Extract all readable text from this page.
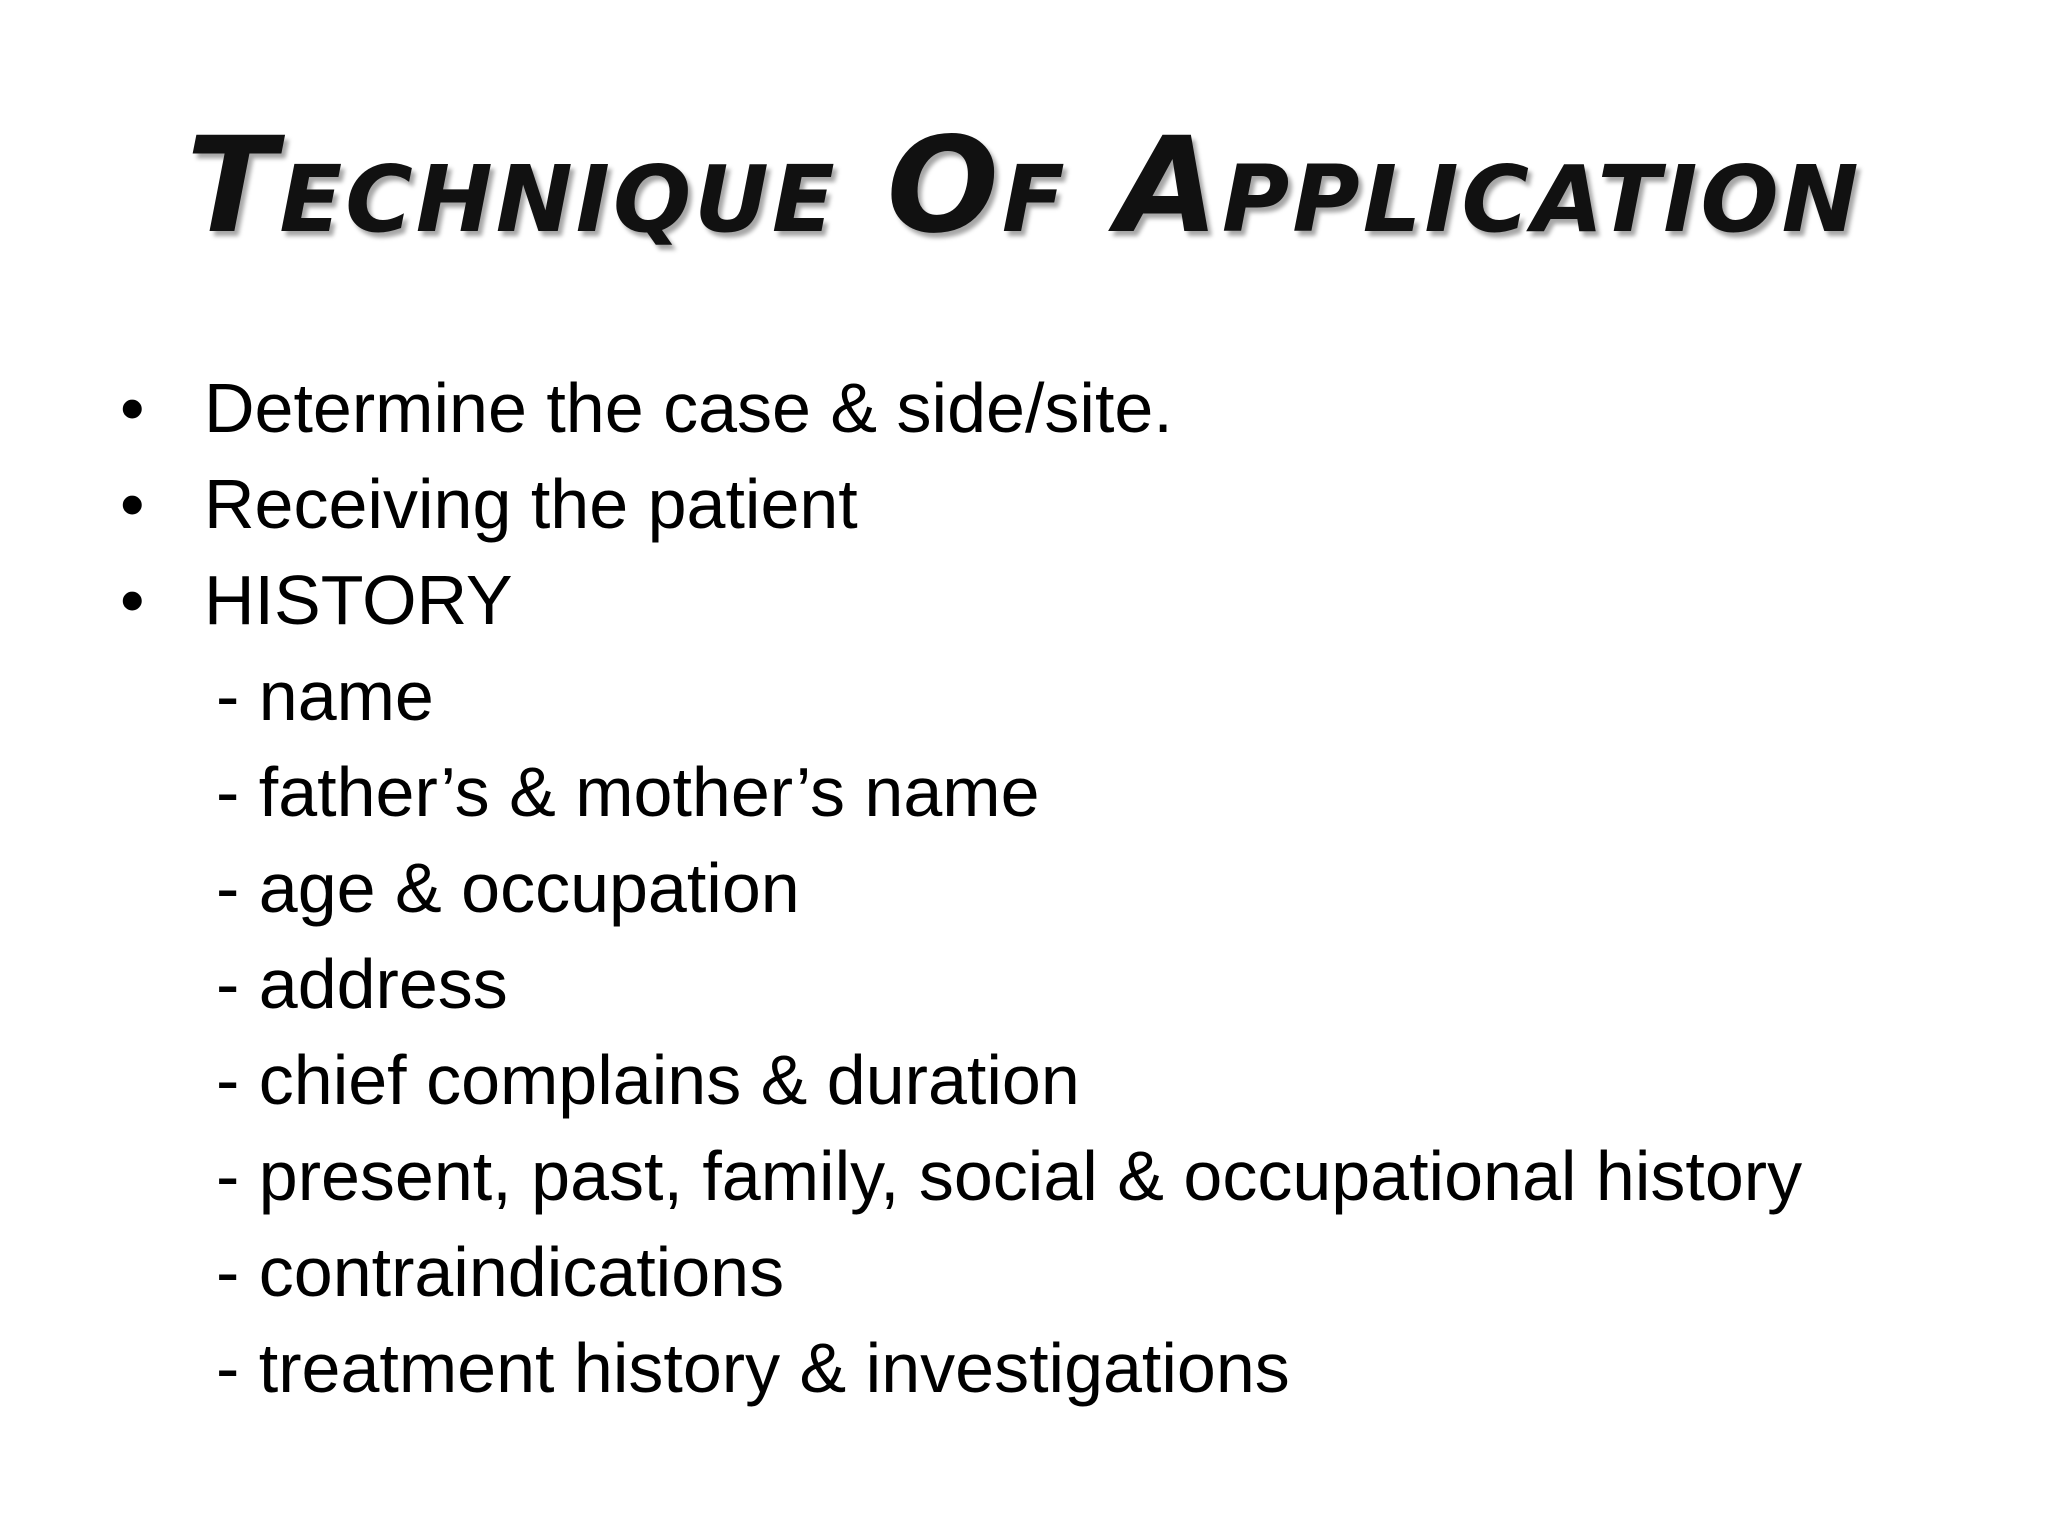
Technique Of Application
• Determine the case & side/site.
• Receiving the patient
• HISTORY
- name
- father’s & mother’s name
- age & occupation
- address
- chief complains & duration
- present, past, family, social & occupational history
- contraindications
- treatment history & investigations
